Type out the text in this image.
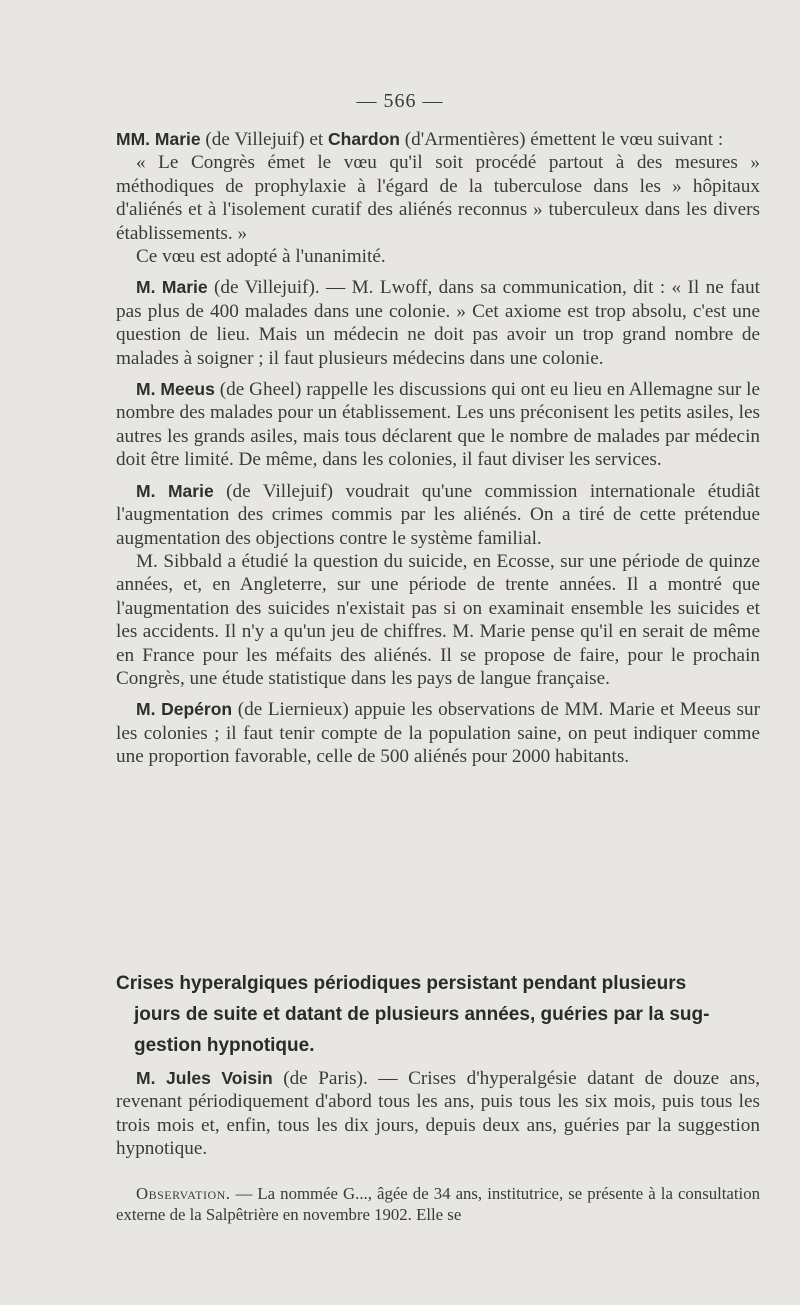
— 566 —

MM. Marie (de Villejuif) et Chardon (d'Armentières) émettent le vœu suivant :

« Le Congrès émet le vœu qu'il soit procédé partout à des mesures » méthodiques de prophylaxie à l'égard de la tuberculose dans les » hôpitaux d'aliénés et à l'isolement curatif des aliénés reconnus » tuberculeux dans les divers établissements. »

Ce vœu est adopté à l'unanimité.

M. Marie (de Villejuif). — M. Lwoff, dans sa communication, dit : « Il ne faut pas plus de 400 malades dans une colonie. » Cet axiome est trop absolu, c'est une question de lieu. Mais un médecin ne doit pas avoir un trop grand nombre de malades à soigner ; il faut plusieurs médecins dans une colonie.

M. Meeus (de Gheel) rappelle les discussions qui ont eu lieu en Allemagne sur le nombre des malades pour un établissement. Les uns préconisent les petits asiles, les autres les grands asiles, mais tous déclarent que le nombre de malades par médecin doit être limité. De même, dans les colonies, il faut diviser les services.

M. Marie (de Villejuif) voudrait qu'une commission internationale étudiât l'augmentation des crimes commis par les aliénés. On a tiré de cette prétendue augmentation des objections contre le système familial.

M. Sibbald a étudié la question du suicide, en Ecosse, sur une période de quinze années, et, en Angleterre, sur une période de trente années. Il a montré que l'augmentation des suicides n'existait pas si on examinait ensemble les suicides et les accidents. Il n'y a qu'un jeu de chiffres. M. Marie pense qu'il en serait de même en France pour les méfaits des aliénés. Il se propose de faire, pour le prochain Congrès, une étude statistique dans les pays de langue française.

M. Depéron (de Liernieux) appuie les observations de MM. Marie et Meeus sur les colonies ; il faut tenir compte de la population saine, on peut indiquer comme une proportion favorable, celle de 500 aliénés pour 2000 habitants.

Crises hyperalgiques périodiques persistant pendant plusieurs
jours de suite et datant de plusieurs années, guéries par la sug-
gestion hypnotique.

M. Jules Voisin (de Paris). — Crises d'hyperalgésie datant de douze ans, revenant périodiquement d'abord tous les ans, puis tous les six mois, puis tous les trois mois et, enfin, tous les dix jours, depuis deux ans, guéries par la suggestion hypnotique.

Observation. — La nommée G..., âgée de 34 ans, institutrice, se présente à la consultation externe de la Salpêtrière en novembre 1902. Elle se
